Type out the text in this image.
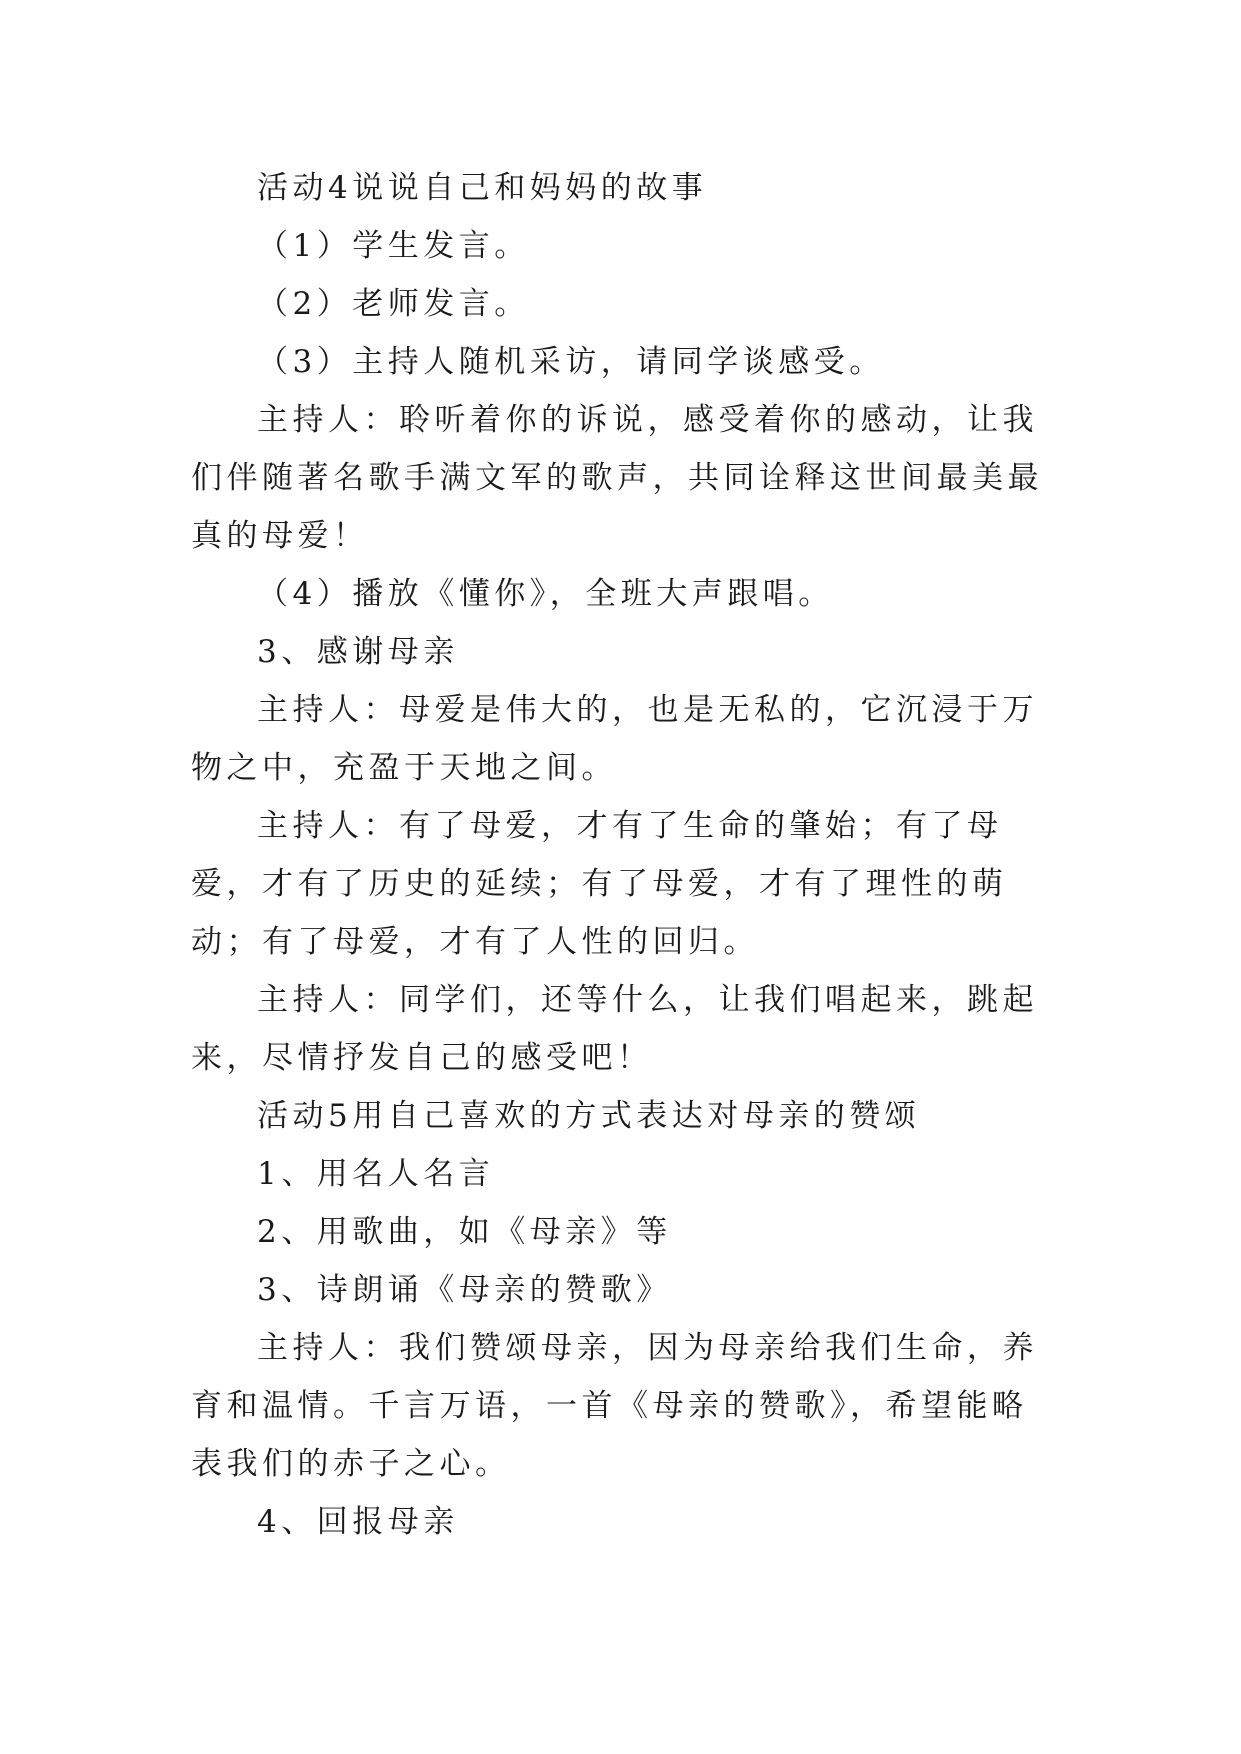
活动4说说自己和妈妈的故事

（1）学生发言。

（2）老师发言。

（3）主持人随机采访，请同学谈感受。

主持人：聆听着你的诉说，感受着你的感动，让我们伴随著名歌手满文军的歌声，共同诠释这世间最美最真的母爱！

（4）播放《懂你》，全班大声跟唱。

3、感谢母亲

主持人：母爱是伟大的，也是无私的，它沉浸于万物之中，充盈于天地之间。

主持人：有了母爱，才有了生命的肇始；有了母爱，才有了历史的延续；有了母爱，才有了理性的萌动；有了母爱，才有了人性的回归。

主持人：同学们，还等什么，让我们唱起来，跳起来，尽情抒发自己的感受吧！

活动5用自己喜欢的方式表达对母亲的赞颂

1、用名人名言

2、用歌曲，如《母亲》等

3、诗朗诵《母亲的赞歌》

主持人：我们赞颂母亲，因为母亲给我们生命，养育和温情。千言万语，一首《母亲的赞歌》，希望能略表我们的赤子之心。

4、回报母亲
